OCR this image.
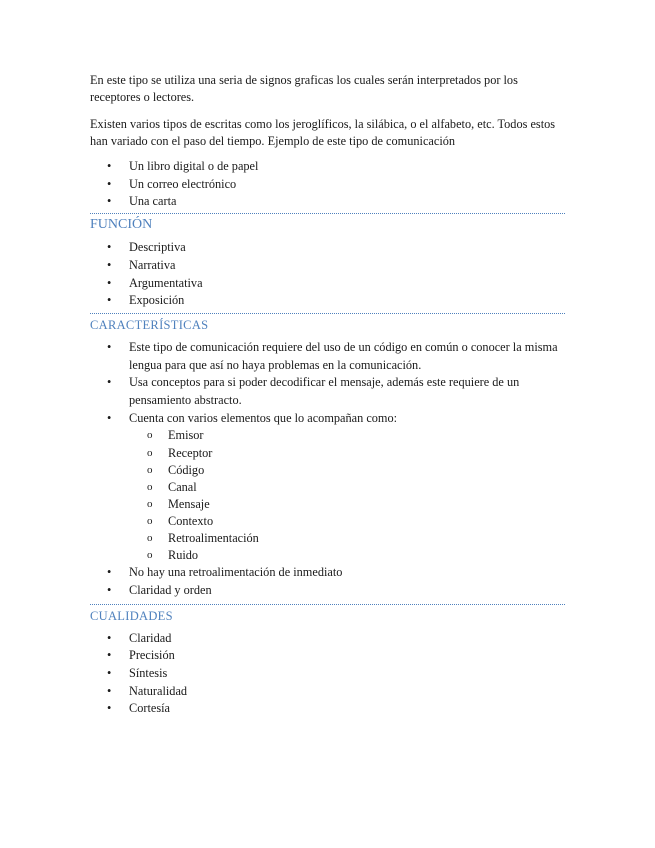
En este tipo se utiliza una seria de signos graficas los cuales serán interpretados por los receptores o lectores.

Existen varios tipos de escritas como los jeroglíficos, la silábica, o el alfabeto, etc. Todos estos han variado con el paso del tiempo. Ejemplo de este tipo de comunicación

• Un libro digital o de papel
• Un correo electrónico
• Una carta
FUNCIÓN
• Descriptiva
• Narrativa
• Argumentativa
• Exposición
CARACTERÍSTICAS
• Este tipo de comunicación requiere del uso de un código en común o conocer la misma lengua para que así no haya problemas en la comunicación.
• Usa conceptos para si poder decodificar el mensaje, además este requiere de un pensamiento abstracto.
• Cuenta con varios elementos que lo acompañan como:
o Emisor
o Receptor
o Código
o Canal
o Mensaje
o Contexto
o Retroalimentación
o Ruido
• No hay una retroalimentación de inmediato
• Claridad y orden
CUALIDADES
• Claridad
• Precisión
• Síntesis
• Naturalidad
• Cortesía
